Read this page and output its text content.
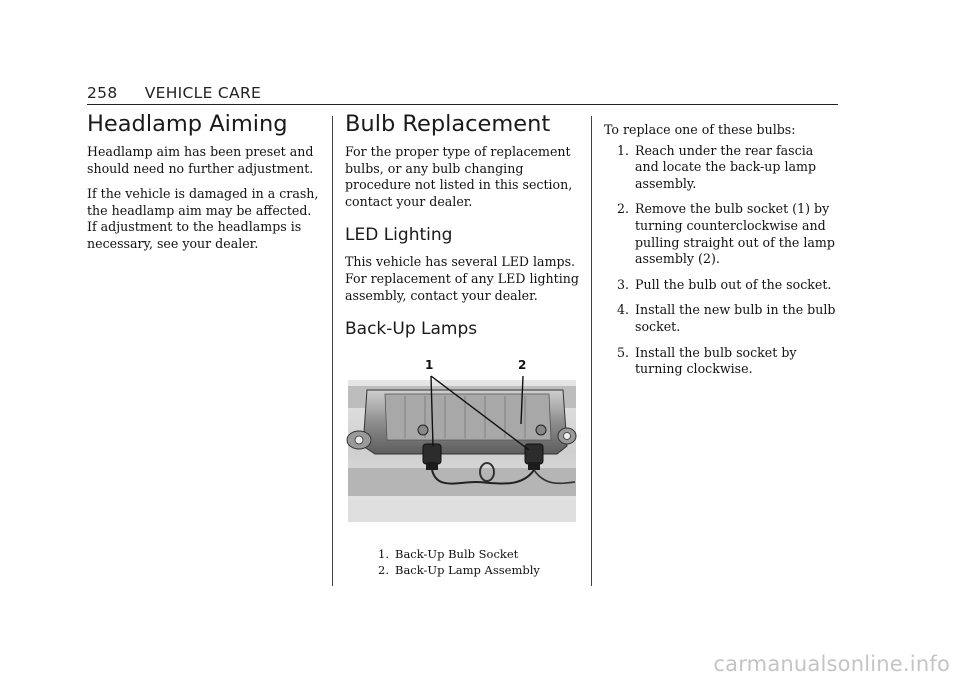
258 VEHICLE CARE
Headlamp Aiming

Headlamp aim has been preset and should need no further adjustment.

If the vehicle is damaged in a crash, the headlamp aim may be affected. If adjustment to the headlamps is necessary, see your dealer.

Bulb Replacement

For the proper type of replacement bulbs, or any bulb changing procedure not listed in this section, contact your dealer.

LED Lighting

This vehicle has several LED lamps. For replacement of any LED lighting assembly, contact your dealer.

Back-Up Lamps
1	2
1. Back-Up Bulb Socket
2. Back-Up Lamp Assembly

To replace one of these bulbs:

1. Reach under the rear fascia and locate the back-up lamp assembly.
2. Remove the bulb socket (1) by turning counterclockwise and pulling straight out of the lamp assembly (2).
3. Pull the bulb out of the socket.
4. Install the new bulb in the bulb socket.
5. Install the bulb socket by turning clockwise.
carmanualsonline.info
